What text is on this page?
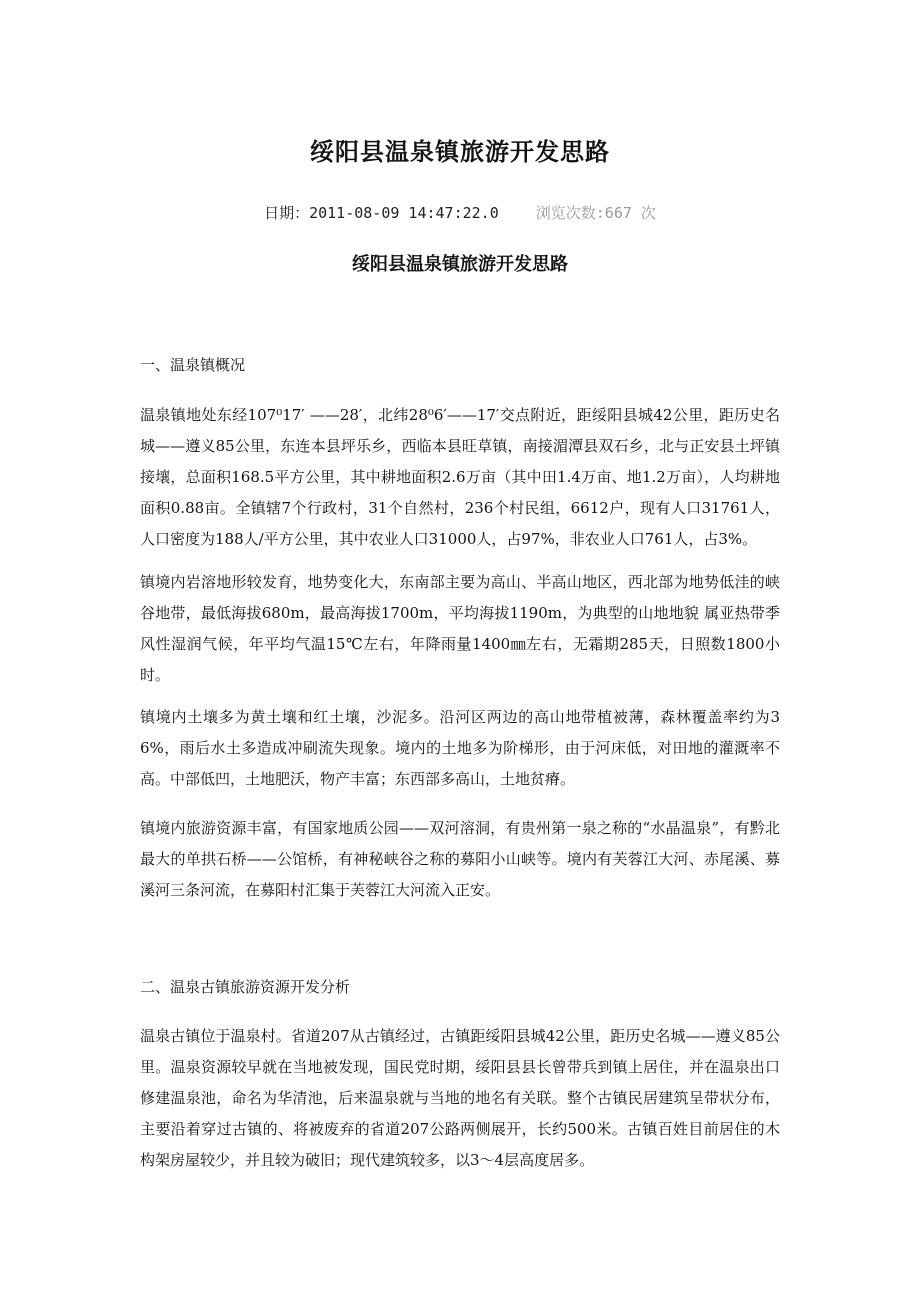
绥阳县温泉镇旅游开发思路
日期：2011-08-09 14:47:22.0 浏览次数:667 次
绥阳县温泉镇旅游开发思路
一、温泉镇概况

温泉镇地处东经107⁰17′ ——28′，北纬28⁰6′——17′交点附近，距绥阳县城42公里，距历史名城——遵义85公里，东连本县坪乐乡，西临本县旺草镇，南接湄潭县双石乡，北与正安县土坪镇接壤，总面积168.5平方公里，其中耕地面积2.6万亩（其中田1.4万亩、地1.2万亩），人均耕地面积0.88亩。全镇辖7个行政村，31个自然村，236个村民组，6612户，现有人口31761人，人口密度为188人/平方公里，其中农业人口31000人，占97%，非农业人口761人，占3%。

镇境内岩溶地形较发育，地势变化大，东南部主要为高山、半高山地区，西北部为地势低洼的峡谷地带，最低海拔680m，最高海拔1700m，平均海拔1190m，为典型的山地地貌 属亚热带季风性湿润气候，年平均气温15℃左右，年降雨量1400㎜左右，无霜期285天，日照数1800小时。

镇境内土壤多为黄土壤和红土壤，沙泥多。沿河区两边的高山地带植被薄，森林覆盖率约为36%，雨后水土多造成冲刷流失现象。境内的土地多为阶梯形，由于河床低，对田地的灌溉率不高。中部低凹，土地肥沃，物产丰富；东西部多高山，土地贫瘠。

镇境内旅游资源丰富，有国家地质公园——双河溶洞，有贵州第一泉之称的“水晶温泉”，有黔北最大的单拱石桥——公馆桥，有神秘峡谷之称的募阳小山峡等。境内有芙蓉江大河、赤尾溪、募溪河三条河流，在募阳村汇集于芙蓉江大河流入正安。

二、温泉古镇旅游资源开发分析

温泉古镇位于温泉村。省道207从古镇经过，古镇距绥阳县城42公里，距历史名城——遵义85公里。温泉资源较早就在当地被发现，国民党时期，绥阳县县长曾带兵到镇上居住，并在温泉出口修建温泉池，命名为华清池，后来温泉就与当地的地名有关联。整个古镇民居建筑呈带状分布，主要沿着穿过古镇的、将被废弃的省道207公路两侧展开，长约500米。古镇百姓目前居住的木构架房屋较少，并且较为破旧；现代建筑较多，以3～4层高度居多。
